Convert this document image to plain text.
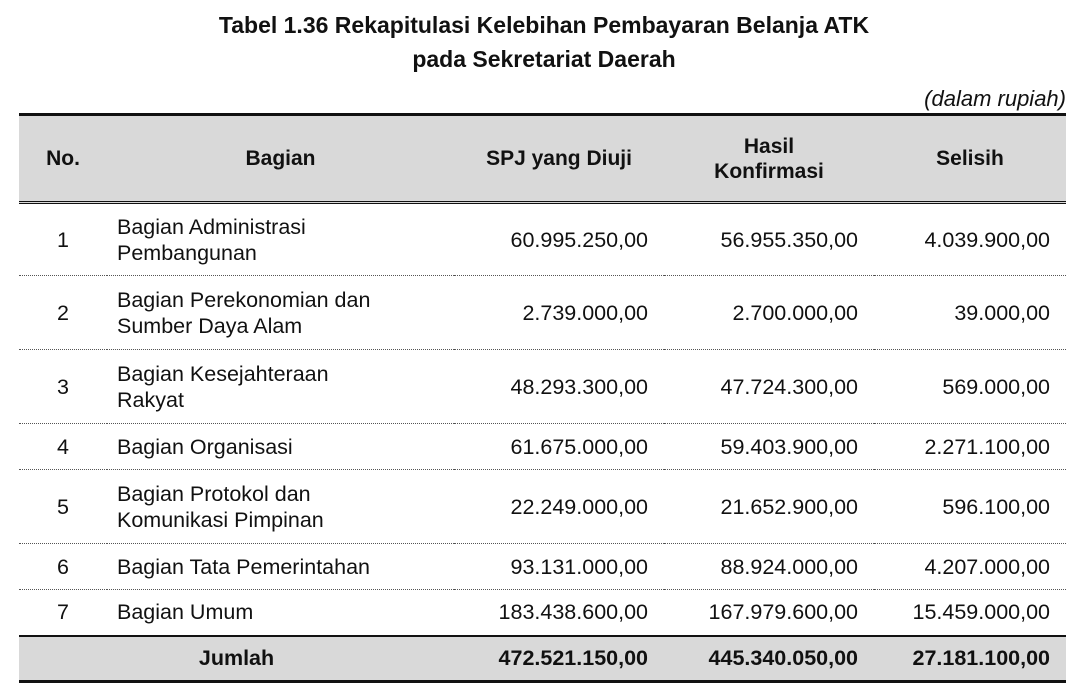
Tabel 1.36 Rekapitulasi Kelebihan Pembayaran Belanja ATK
pada Sekretariat Daerah
(dalam rupiah)
No.	Bagian	SPJ yang Diuji	Hasil
Konfirmasi	Selisih
1	Bagian Administrasi
Pembangunan	60.995.250,00	56.955.350,00	4.039.900,00
2	Bagian Perekonomian dan
Sumber Daya Alam	2.739.000,00	2.700.000,00	39.000,00
3	Bagian Kesejahteraan
Rakyat	48.293.300,00	47.724.300,00	569.000,00
4	Bagian Organisasi	61.675.000,00	59.403.900,00	2.271.100,00
5	Bagian Protokol dan
Komunikasi Pimpinan	22.249.000,00	21.652.900,00	596.100,00
6	Bagian Tata Pemerintahan	93.131.000,00	88.924.000,00	4.207.000,00
7	Bagian Umum	183.438.600,00	167.979.600,00	15.459.000,00
Jumlah		472.521.150,00	445.340.050,00	27.181.100,00
